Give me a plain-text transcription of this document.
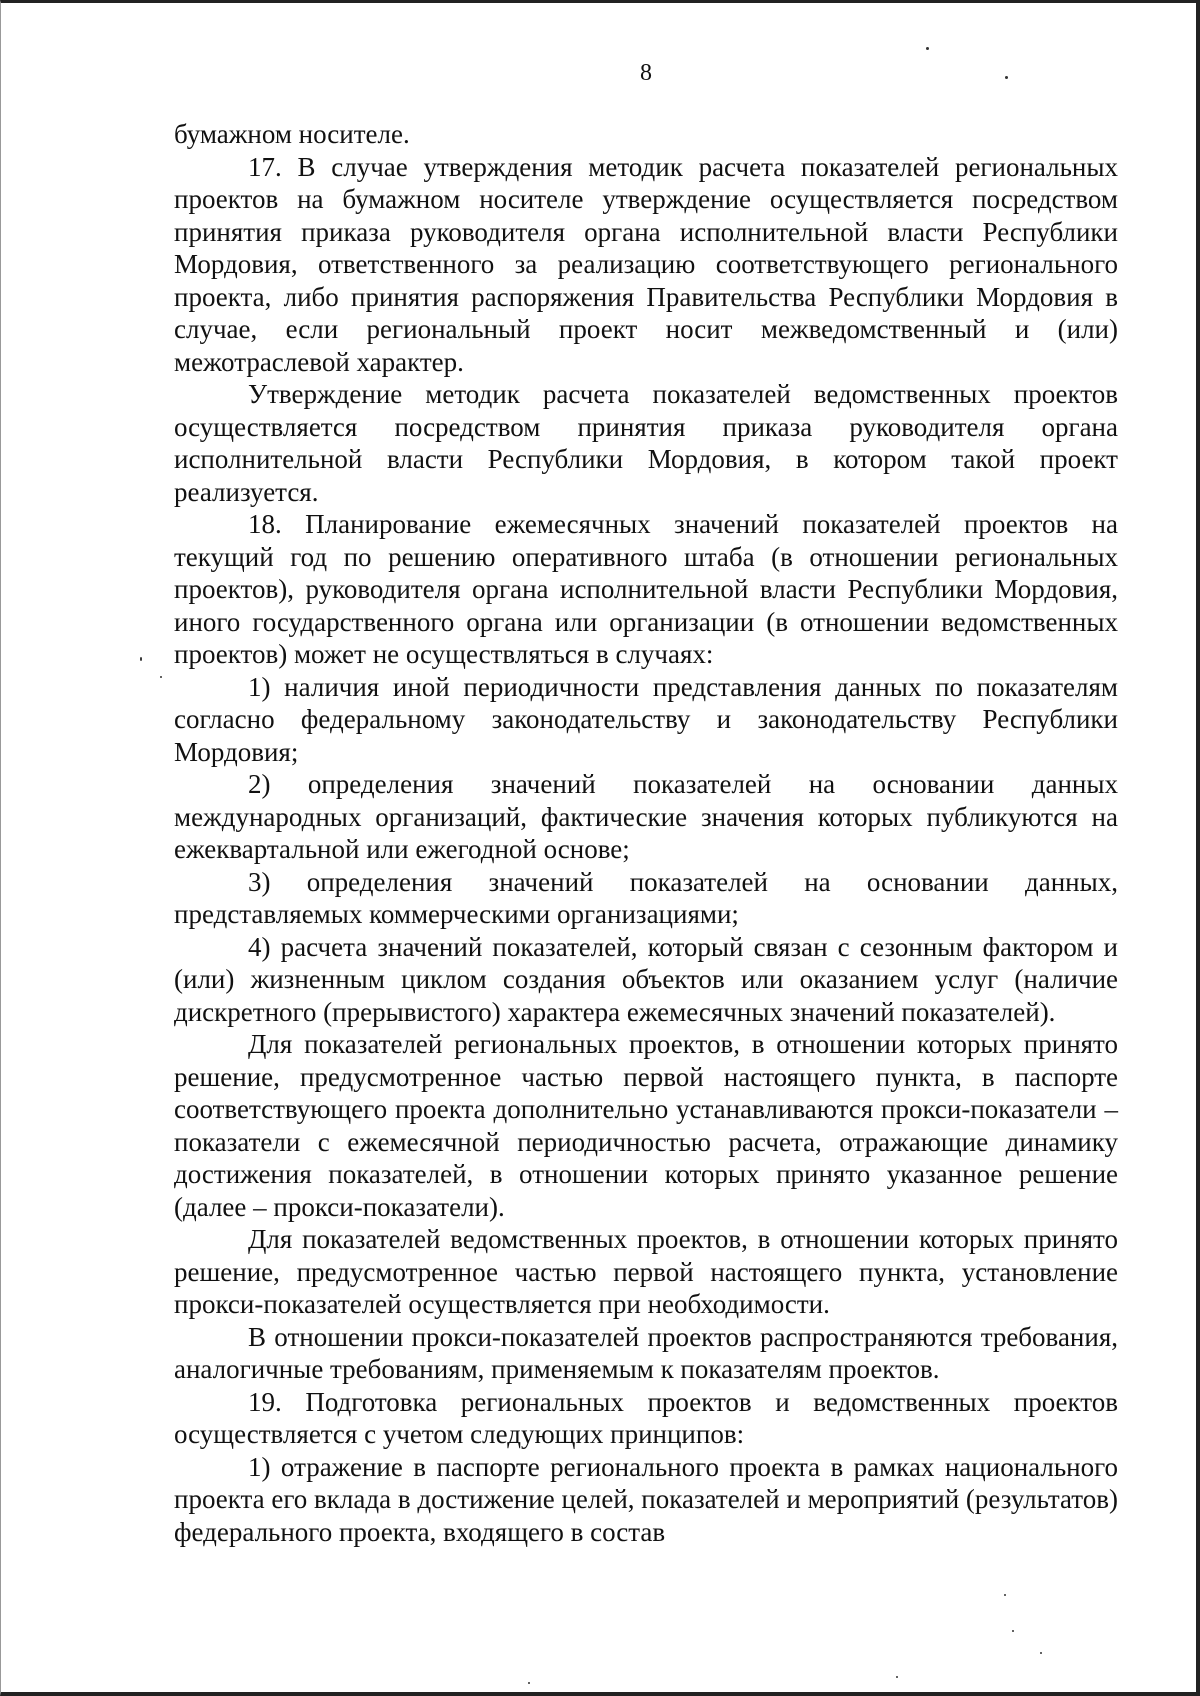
8

бумажном носителе.

17. В случае утверждения методик расчета показателей региональных проектов на бумажном носителе утверждение осуществляется посредством принятия приказа руководителя органа исполнительной власти Республики Мордовия, ответственного за реализацию соответствующего регионального проекта, либо принятия распоряжения Правительства Республики Мордовия в случае, если региональный проект носит межведомственный и (или) межотраслевой характер.

Утверждение методик расчета показателей ведомственных проектов осуществляется посредством принятия приказа руководителя органа исполнительной власти Республики Мордовия, в котором такой проект реализуется.

18. Планирование ежемесячных значений показателей проектов на текущий год по решению оперативного штаба (в отношении региональных проектов), руководителя органа исполнительной власти Республики Мордовия, иного государственного органа или организации (в отношении ведомственных проектов) может не осуществляться в случаях:

1) наличия иной периодичности представления данных по показателям согласно федеральному законодательству и законодательству Республики Мордовия;

2) определения значений показателей на основании данных международных организаций, фактические значения которых публикуются на ежеквартальной или ежегодной основе;

3) определения значений показателей на основании данных, представляемых коммерческими организациями;

4) расчета значений показателей, который связан с сезонным фактором и (или) жизненным циклом создания объектов или оказанием услуг (наличие дискретного (прерывистого) характера ежемесячных значений показателей).

Для показателей региональных проектов, в отношении которых принято решение, предусмотренное частью первой настоящего пункта, в паспорте соответствующего проекта дополнительно устанавливаются прокси-показатели – показатели с ежемесячной периодичностью расчета, отражающие динамику достижения показателей, в отношении которых принято указанное решение (далее – прокси-показатели).

Для показателей ведомственных проектов, в отношении которых принято решение, предусмотренное частью первой настоящего пункта, установление прокси-показателей осуществляется при необходимости.

В отношении прокси-показателей проектов распространяются требования, аналогичные требованиям, применяемым к показателям проектов.

19. Подготовка региональных проектов и ведомственных проектов осуществляется с учетом следующих принципов:

1) отражение в паспорте регионального проекта в рамках национального проекта его вклада в достижение целей, показателей и мероприятий (результатов) федерального проекта, входящего в состав
